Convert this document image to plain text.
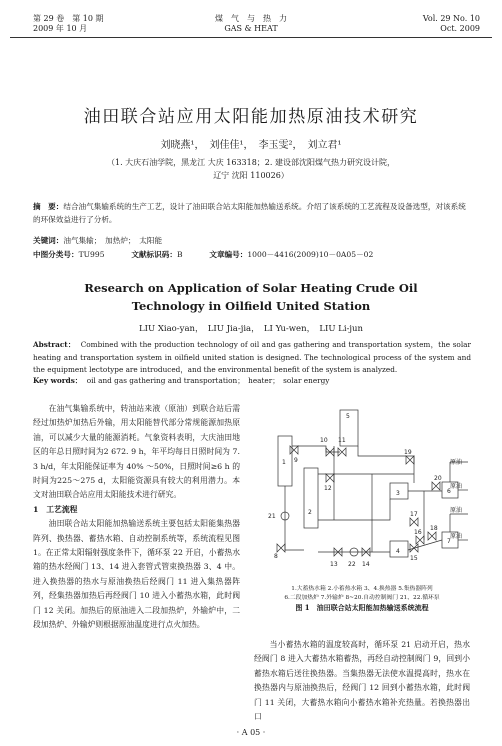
第 29 卷　第 10 期
2009 年 10 月
煤　气　与　热　力
GAS & HEAT
Vol. 29 No. 10
Oct. 2009
油田联合站应用太阳能加热原油技术研究
刘晓燕¹，　刘佳佳¹，　李玉雯²，　刘立君¹
（1. 大庆石油学院，黑龙江 大庆 163318；2. 建设部沈阳煤气热力研究设计院，
辽宁 沈阳 110026）
摘　要：结合油气集输系统的生产工艺，设计了油田联合站太阳能加热输送系统。介绍了该系统的工艺流程及设备选型，对该系统的环保效益进行了分析。
关键词：油气集输；　加热炉；　太阳能
中图分类号：TU995	文献标识码：B	文章编号：1000－4416(2009)10－0A05－02
Research on Application of Solar Heating Crude Oil
Technology in Oilfield United Station
LIU Xiao-yan，　LIU Jia-jia，　LI Yu-wen，　LIU Li-jun
Abstract： Combined with the production technology of oil and gas gathering and transportation system，the solar heating and transportation system in oilfield united station is designed. The technological process of the system and the equipment lectotype are introduced，and the environmental benefit of the system is analyzed.
Key words： oil and gas gathering and transportation；　heater；　solar energy
在油气集输系统中，转油站来液（原油）到联合站后需经过加热炉加热后外输，用太阳能替代部分常规能源加热原油，可以减少大量的能源消耗。气象资料表明，大庆油田地区的年总日照时间为2 672. 9 h，年平均每日日照时间为 7. 3 h/d，年太阳能保证率为 40% ～50%，日照时间≥6 h 的时间为225～275 d，太阳能资源具有较大的利用潜力。本文对油田联合站应用太阳能技术进行研究。
1　工艺流程
油田联合站太阳能加热输送系统主要包括太阳能集热器阵列、换热器、蓄热水箱、自动控制系统等，系统流程见图 1。在正常太阳辐射强度条件下，循环泵 22 开启，小蓄热水箱的热水经阀门 13、14 进入套管式管束换热器 3、4 中。进入换热器的热水与原油换热后经阀门 11 进入集热器阵列，经集热器加热后再经阀门 10 进入小蓄热水箱，此时阀门 12 关闭。加热后的原油进入二段加热炉，外输炉中，二段加热炉、外输炉则根据原油温度进行点火加热。
1
2
3
4
5
6
7
8
9
10 11
12
13	14
15
16
17
18
19
20
21
22
原油
原油
原油
原油
1.大蓄热水箱 2.小蓄热水箱 3、4.换热器 5.集热器阵列
6.二段加热炉 7.外输炉 8~20.自动控制阀门 21、22.循环泵
图 1　油田联合站太阳能加热输送系统流程
当小蓄热水箱的温度较高时，循环泵 21 启动开启，热水经阀门 8 进入大蓄热水箱蓄热，再经自动控制阀门 9，回到小蓄热水箱后送往换热器。当集热器无法使水温提高时，热水在换热器内与原油换热后，经阀门 12 回到小蓄热水箱，此时阀门 11 关闭，大蓄热水箱向小蓄热水箱补充热量。若换热器出口
· A 05 ·
